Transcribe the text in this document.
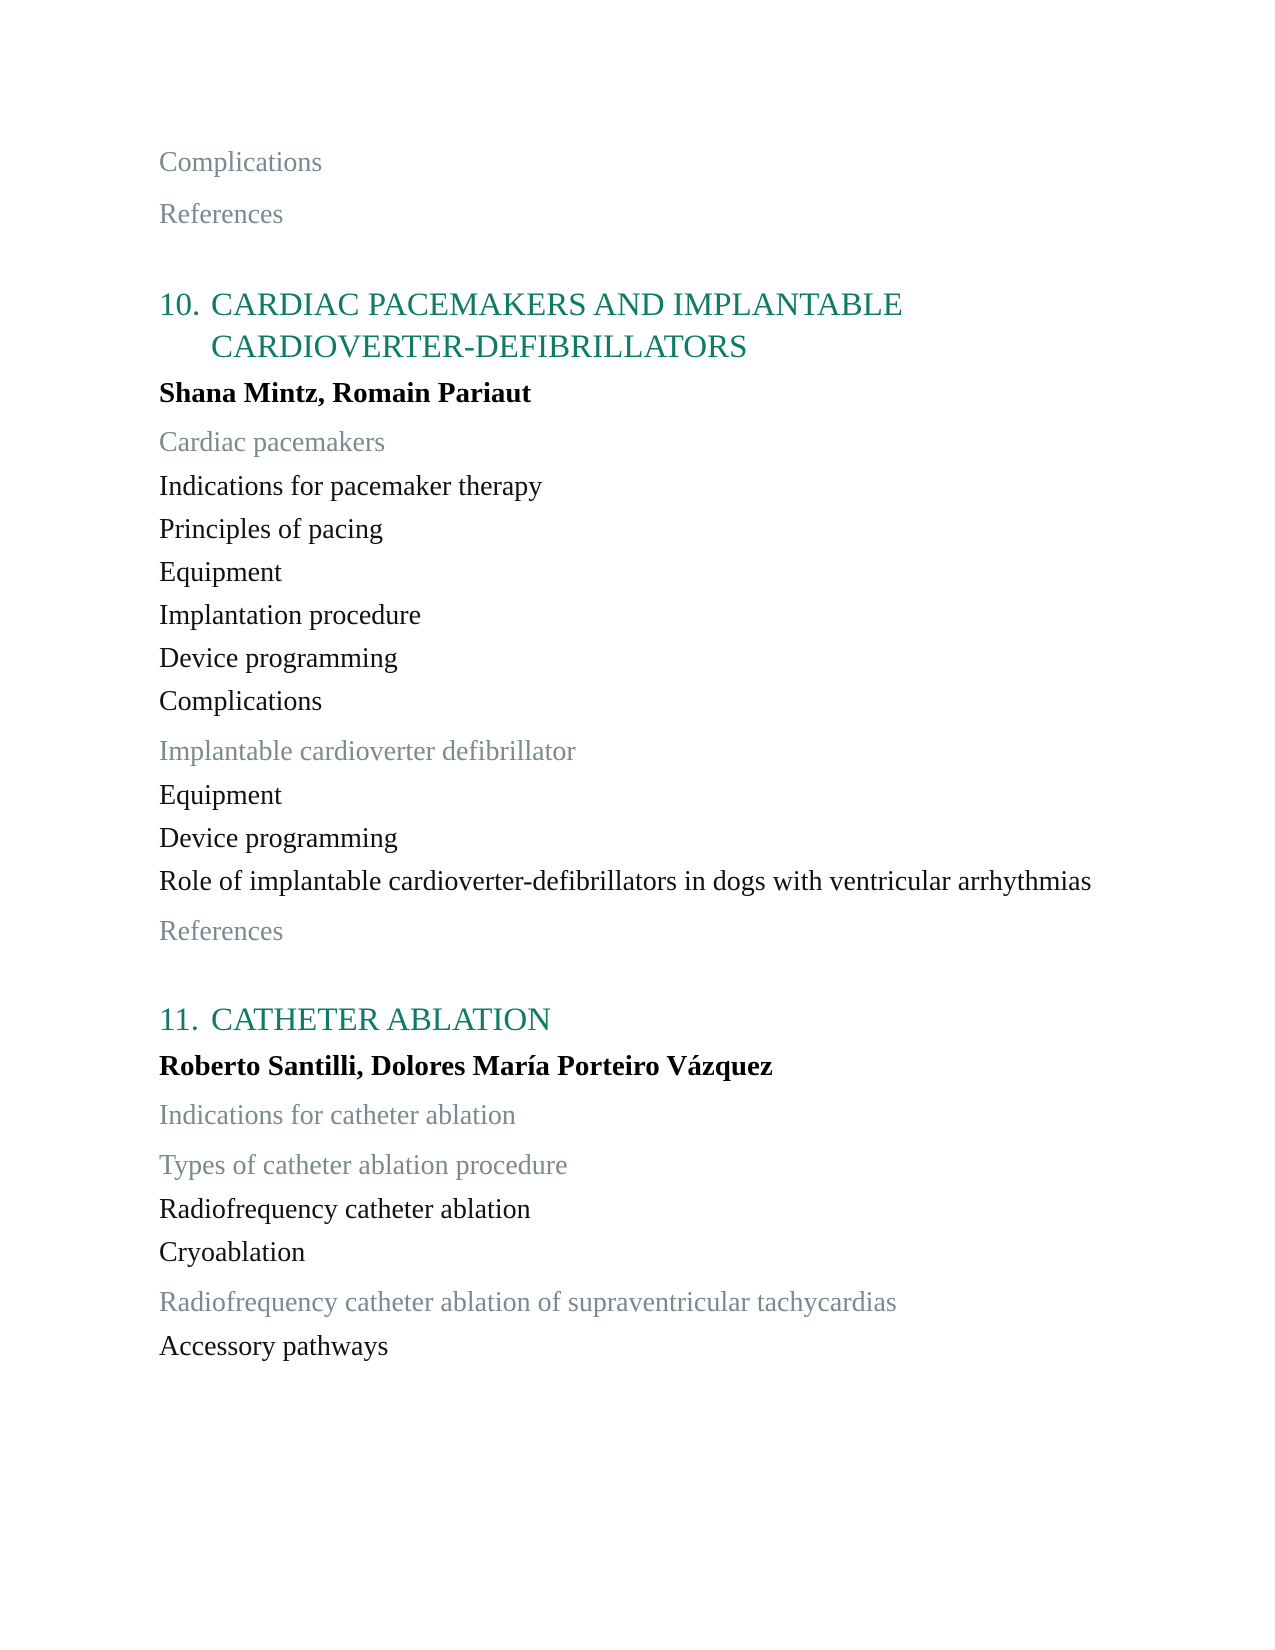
Complications

References

10. CARDIAC PACEMAKERS AND IMPLANTABLE CARDIOVERTER-DEFIBRILLATORS

Shana Mintz, Romain Pariaut

Cardiac pacemakers

Indications for pacemaker therapy

Principles of pacing

Equipment

Implantation procedure

Device programming

Complications

Implantable cardioverter defibrillator

Equipment

Device programming

Role of implantable cardioverter-defibrillators in dogs with ventricular arrhythmias

References

11. CATHETER ABLATION

Roberto Santilli, Dolores María Porteiro Vázquez

Indications for catheter ablation

Types of catheter ablation procedure

Radiofrequency catheter ablation

Cryoablation

Radiofrequency catheter ablation of supraventricular tachycardias

Accessory pathways
